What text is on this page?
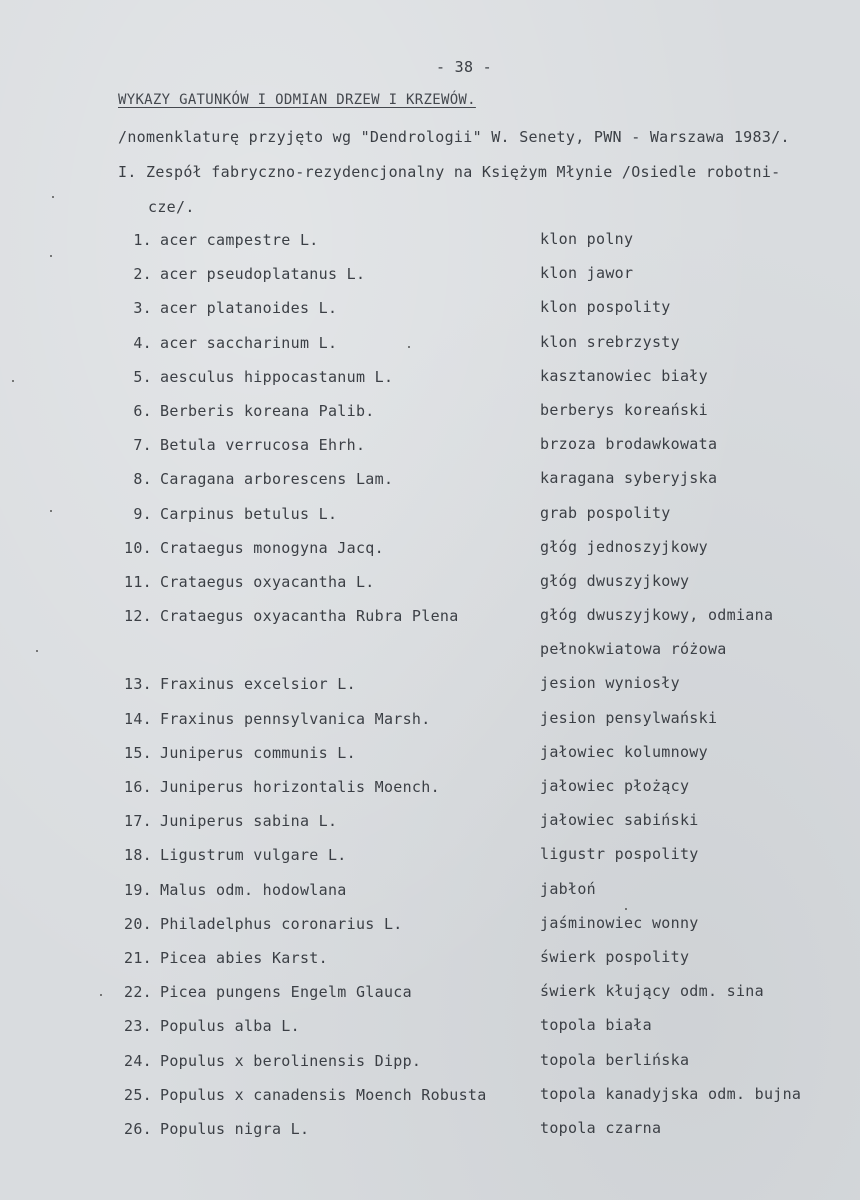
- 38 -
WYKAZY GATUNKÓW I ODMIAN DRZEW I KRZEWÓW.
/nomenklaturę przyjęto wg "Dendrologii" W. Senety, PWN - Warszawa 1983/.
I. Zespół fabryczno-rezydencjonalny na Księżym Młynie /Osiedle robotni-
cze/.
1. acer campestre L.	klon polny
2. acer pseudoplatanus L.	klon jawor
3. acer platanoides L.	klon pospolity
4. acer saccharinum L.	klon srebrzysty
5. aesculus hippocastanum L.	kasztanowiec biały
6. Berberis koreana Palib.	berberys koreański
7. Betula verrucosa Ehrh.	brzoza brodawkowata
8. Caragana arborescens Lam.	karagana syberyjska
9. Carpinus betulus L.	grab pospolity
10. Crataegus monogyna Jacq.	głóg jednoszyjkowy
11. Crataegus oxyacantha L.	głóg dwuszyjkowy
12. Crataegus oxyacantha Rubra Plena	głóg dwuszyjkowy, odmiana
pełnokwiatowa różowa
13. Fraxinus excelsior L.	jesion wyniosły
14. Fraxinus pennsylvanica Marsh.	jesion pensylwański
15. Juniperus communis L.	jałowiec kolumnowy
16. Juniperus horizontalis Moench.	jałowiec płożący
17. Juniperus sabina L.	jałowiec sabiński
18. Ligustrum vulgare L.	ligustr pospolity
19. Malus odm. hodowlana	jabłoń
20. Philadelphus coronarius L.	jaśminowiec wonny
21. Picea abies Karst.	świerk pospolity
22. Picea pungens Engelm Glauca	świerk kłujący odm. sina
23. Populus alba L.	topola biała
24. Populus x berolinensis Dipp.	topola berlińska
25. Populus x canadensis Moench Robusta	topola kanadyjska odm. bujna
26. Populus nigra L.	topola czarna
